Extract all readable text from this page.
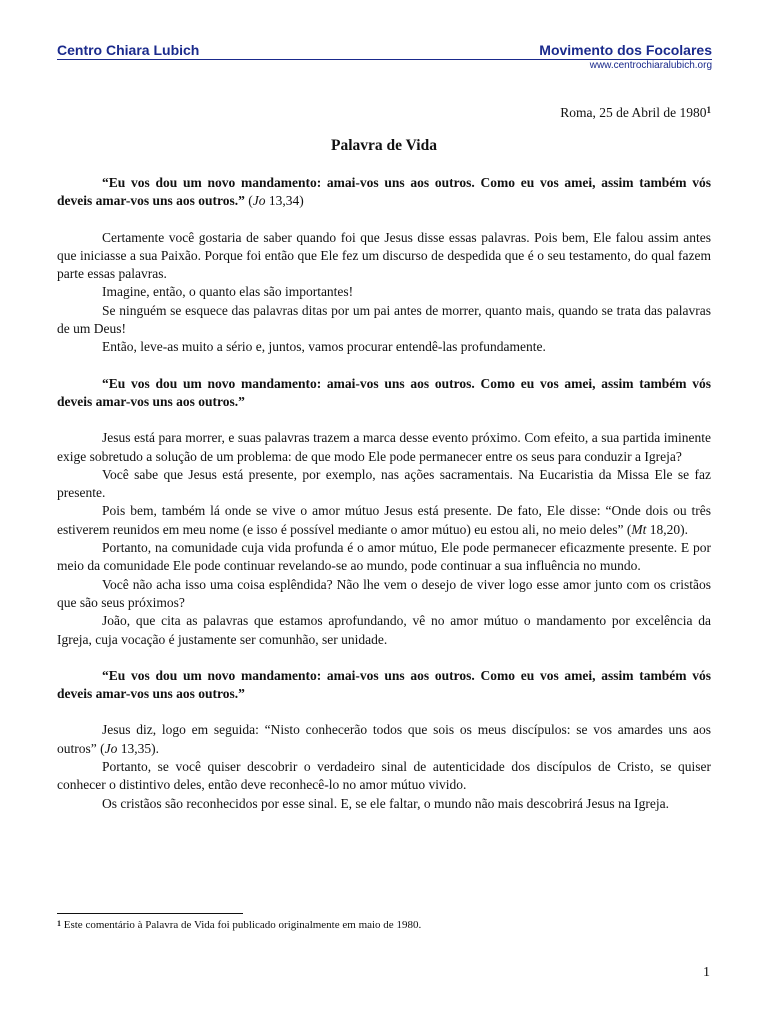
Centro Chiara Lubich	Movimento dos Focolares
www.centrochiaralubich.org
Roma, 25 de Abril de 1980$^1$
Palavra de Vida

“Eu vos dou um novo mandamento: amai-vos uns aos outros. Como eu vos amei, assim também vós deveis amar-vos uns aos outros.” (Jo 13,34)

Certamente você gostaria de saber quando foi que Jesus disse essas palavras. Pois bem, Ele falou assim antes que iniciasse a sua Paixão. Porque foi então que Ele fez um discurso de despedida que é o seu testamento, do qual fazem parte essas palavras.

Imagine, então, o quanto elas são importantes!

Se ninguém se esquece das palavras ditas por um pai antes de morrer, quanto mais, quando se trata das palavras de um Deus!

Então, leve-as muito a sério e, juntos, vamos procurar entendê-las profundamente.

“Eu vos dou um novo mandamento: amai-vos uns aos outros. Como eu vos amei, assim também vós deveis amar-vos uns aos outros.”

Jesus está para morrer, e suas palavras trazem a marca desse evento próximo. Com efeito, a sua partida iminente exige sobretudo a solução de um problema: de que modo Ele pode permanecer entre os seus para conduzir a Igreja?

Você sabe que Jesus está presente, por exemplo, nas ações sacramentais. Na Eucaristia da Missa Ele se faz presente.

Pois bem, também lá onde se vive o amor mútuo Jesus está presente. De fato, Ele disse: “Onde dois ou três estiverem reunidos em meu nome (e isso é possível mediante o amor mútuo) eu estou ali, no meio deles” (Mt 18,20).

Portanto, na comunidade cuja vida profunda é o amor mútuo, Ele pode permanecer eficazmente presente. E por meio da comunidade Ele pode continuar revelando-se ao mundo, pode continuar a sua influência no mundo.

Você não acha isso uma coisa esplêndida? Não lhe vem o desejo de viver logo esse amor junto com os cristãos que são seus próximos?

João, que cita as palavras que estamos aprofundando, vê no amor mútuo o mandamento por excelência da Igreja, cuja vocação é justamente ser comunhão, ser unidade.

“Eu vos dou um novo mandamento: amai-vos uns aos outros. Como eu vos amei, assim também vós deveis amar-vos uns aos outros.”

Jesus diz, logo em seguida: “Nisto conhecerão todos que sois os meus discípulos: se vos amardes uns aos outros” (Jo 13,35).

Portanto, se você quiser descobrir o verdadeiro sinal de autenticidade dos discípulos de Cristo, se quiser conhecer o distintivo deles, então deve reconhecê-lo no amor mútuo vivido.

Os cristãos são reconhecidos por esse sinal. E, se ele faltar, o mundo não mais descobrirá Jesus na Igreja.

$^1$ Este comentário à Palavra de Vida foi publicado originalmente em maio de 1980.
1
